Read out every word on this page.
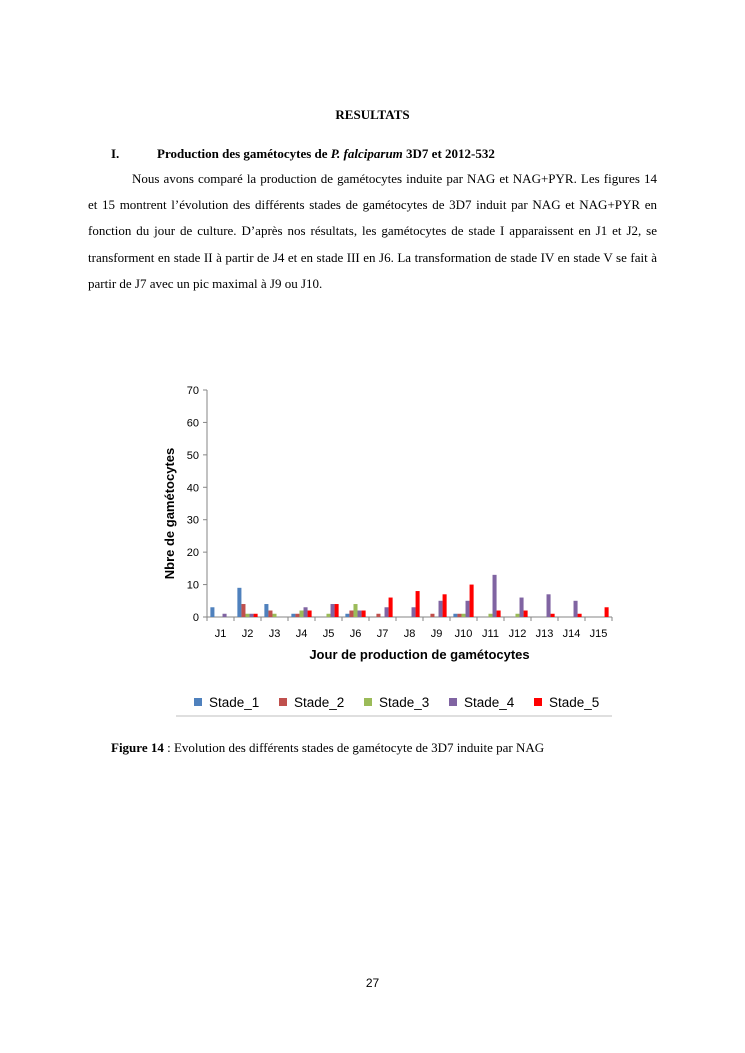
RESULTATS
I.	Production des gamétocytes de P. falciparum 3D7 et 2012-532
Nous avons comparé la production de gamétocytes induite par NAG et NAG+PYR. Les figures 14 et 15 montrent l’évolution des différents stades de gamétocytes de 3D7 induit par NAG et NAG+PYR en fonction du jour de culture. D’après nos résultats, les gamétocytes de stade I apparaissent en J1 et J2, se transforment en stade II à partir de J4 et en stade III en J6. La transformation de stade IV en stade V se fait à partir de J7 avec un pic maximal à J9 ou J10.
0
10
20
30
40
50
60
70
J1 J2 J3 J4 J5 J6 J7 J8 J9 J10 J11 J12 J13 J14 J15
Jour de production de gamétocytes
Nbre de gamétocytes
Stade_1	Stade_2	Stade_3	Stade_4	Stade_5
Figure 14 : Evolution des différents stades de gamétocyte de 3D7 induite par NAG
27
